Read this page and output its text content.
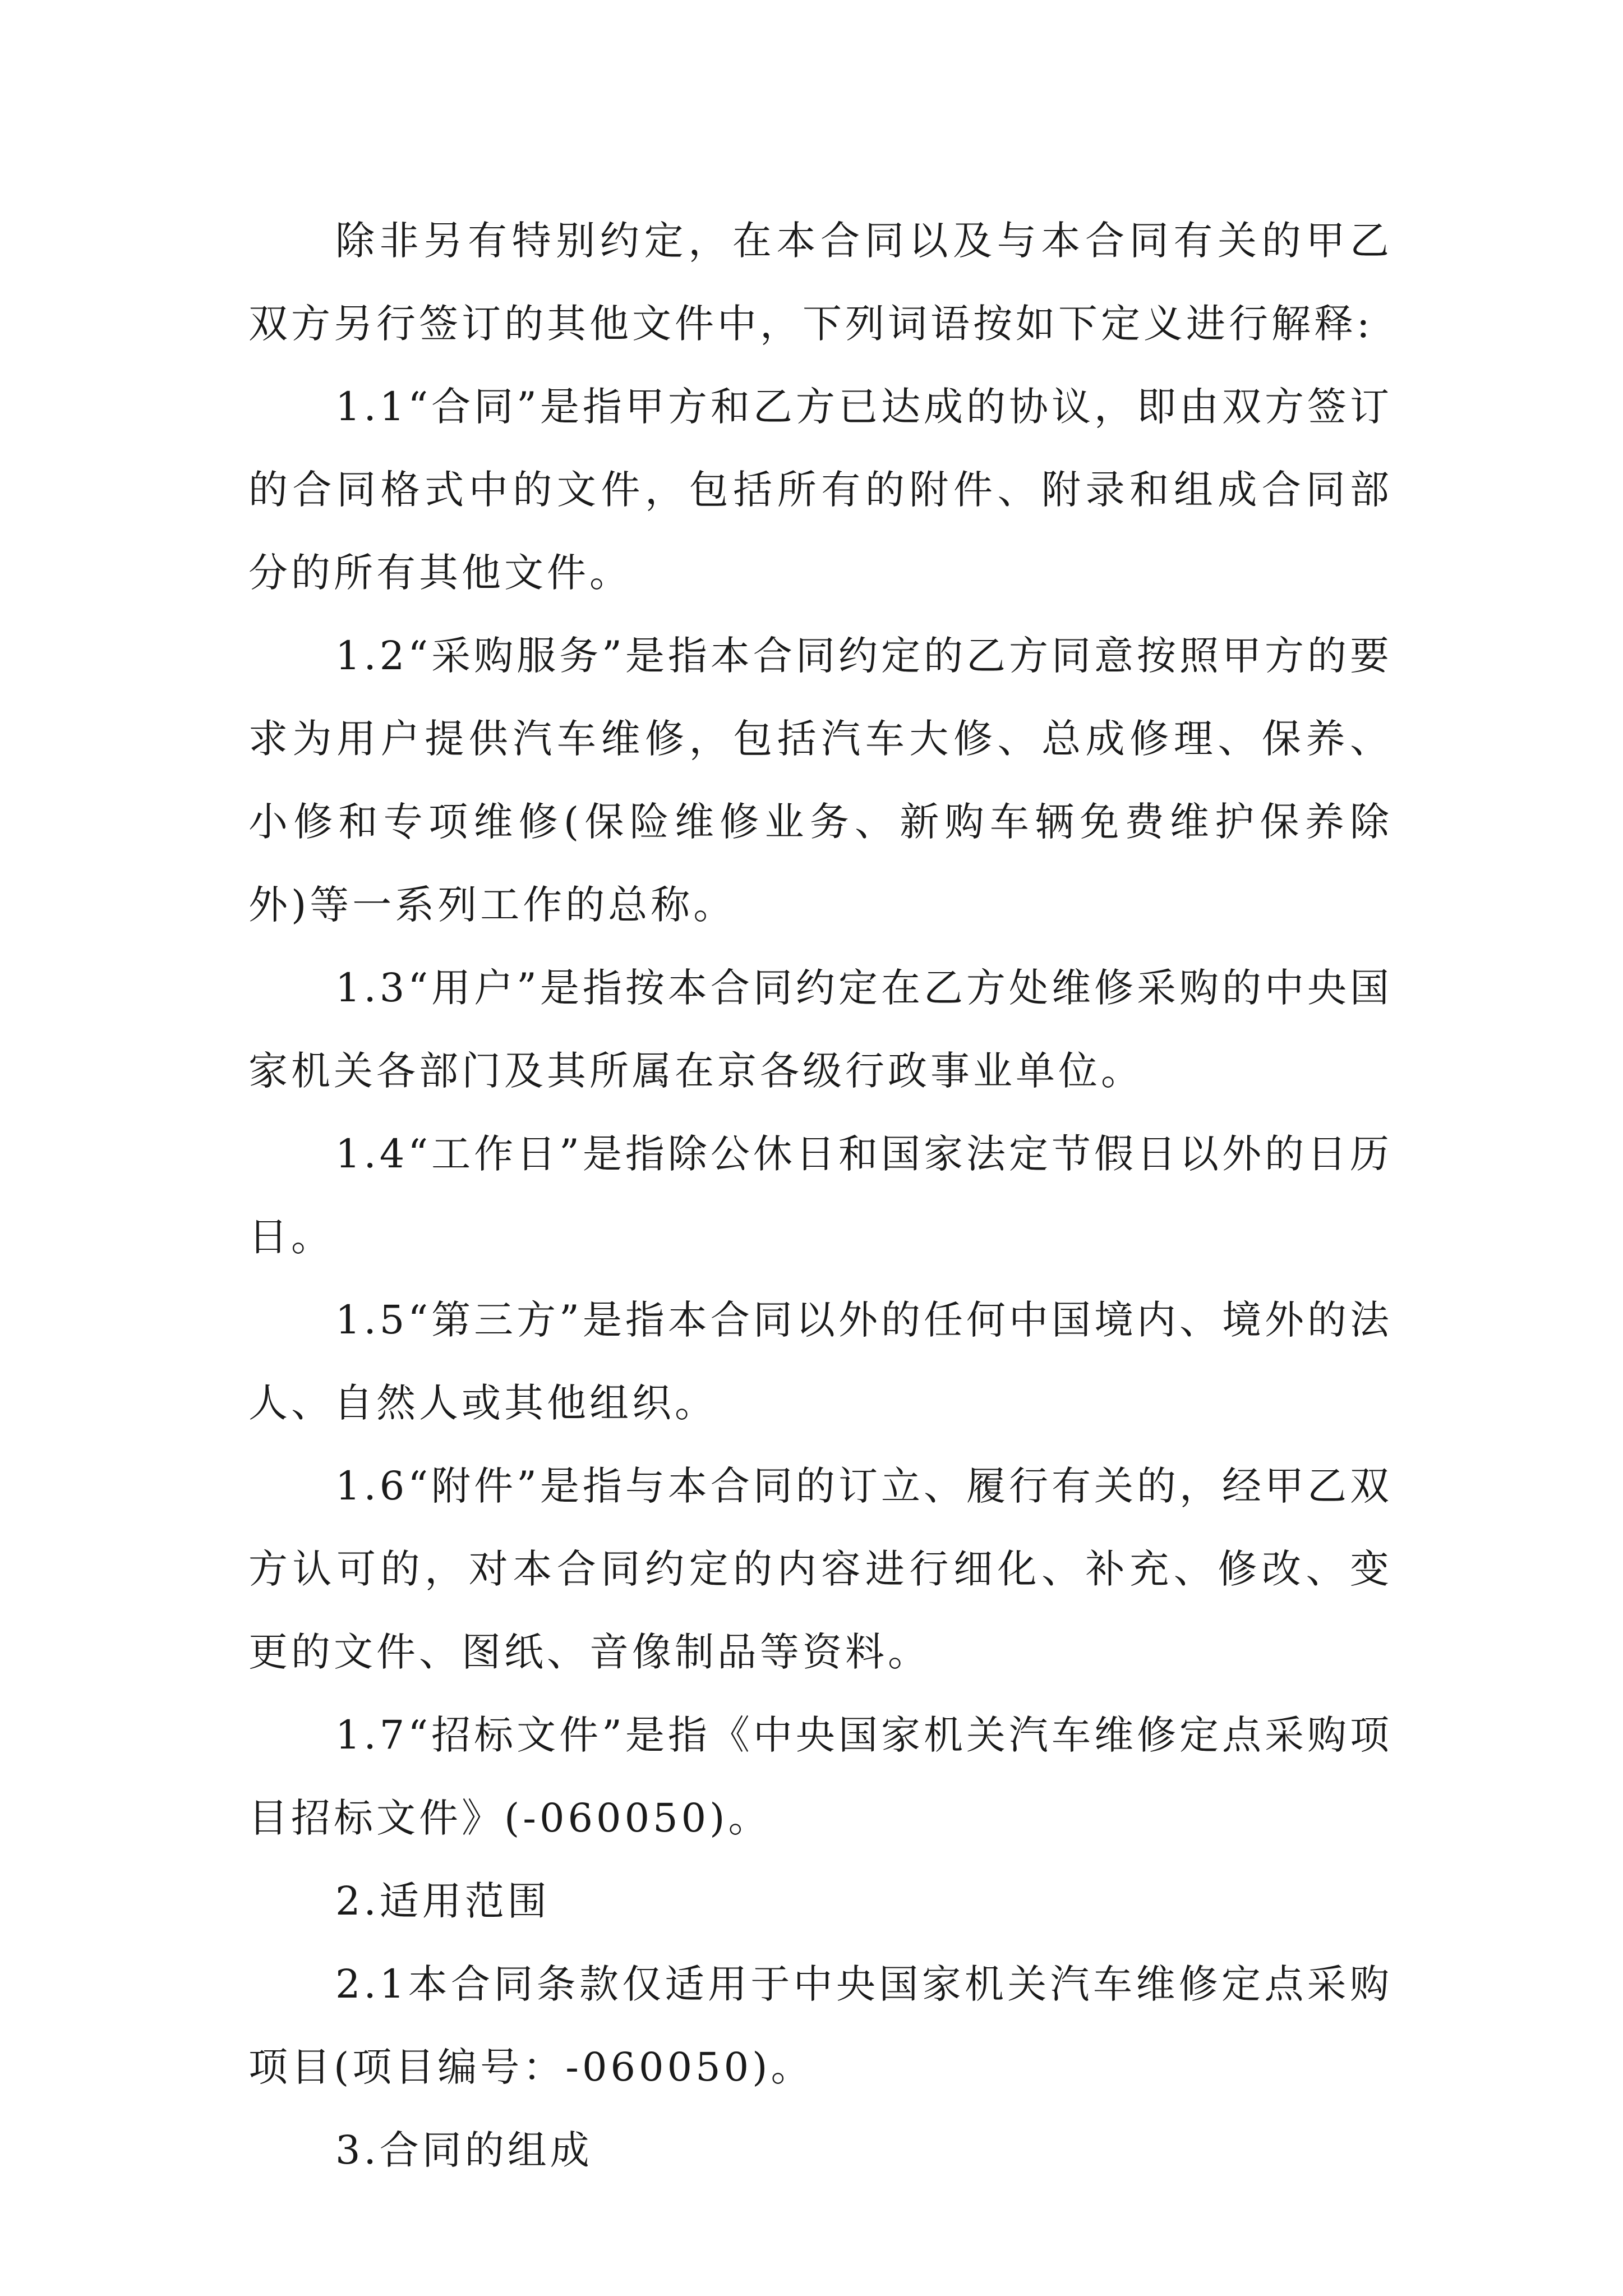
除非另有特别约定，在本合同以及与本合同有关的甲乙双方另行签订的其他文件中，下列词语按如下定义进行解释:

1.1“合同”是指甲方和乙方已达成的协议，即由双方签订的合同格式中的文件，包括所有的附件、附录和组成合同部分的所有其他文件。

1.2“采购服务”是指本合同约定的乙方同意按照甲方的要求为用户提供汽车维修，包括汽车大修、总成修理、保养、小修和专项维修(保险维修业务、新购车辆免费维护保养除外)等一系列工作的总称。

1.3“用户”是指按本合同约定在乙方处维修采购的中央国家机关各部门及其所属在京各级行政事业单位。

1.4“工作日”是指除公休日和国家法定节假日以外的日历日。

1.5“第三方”是指本合同以外的任何中国境内、境外的法人、自然人或其他组织。

1.6“附件”是指与本合同的订立、履行有关的，经甲乙双方认可的，对本合同约定的内容进行细化、补充、修改、变更的文件、图纸、音像制品等资料。

1.7“招标文件”是指《中央国家机关汽车维修定点采购项目招标文件》(-060050)。

2.适用范围

2.1本合同条款仅适用于中央国家机关汽车维修定点采购项目(项目编号：-060050)。

3.合同的组成
